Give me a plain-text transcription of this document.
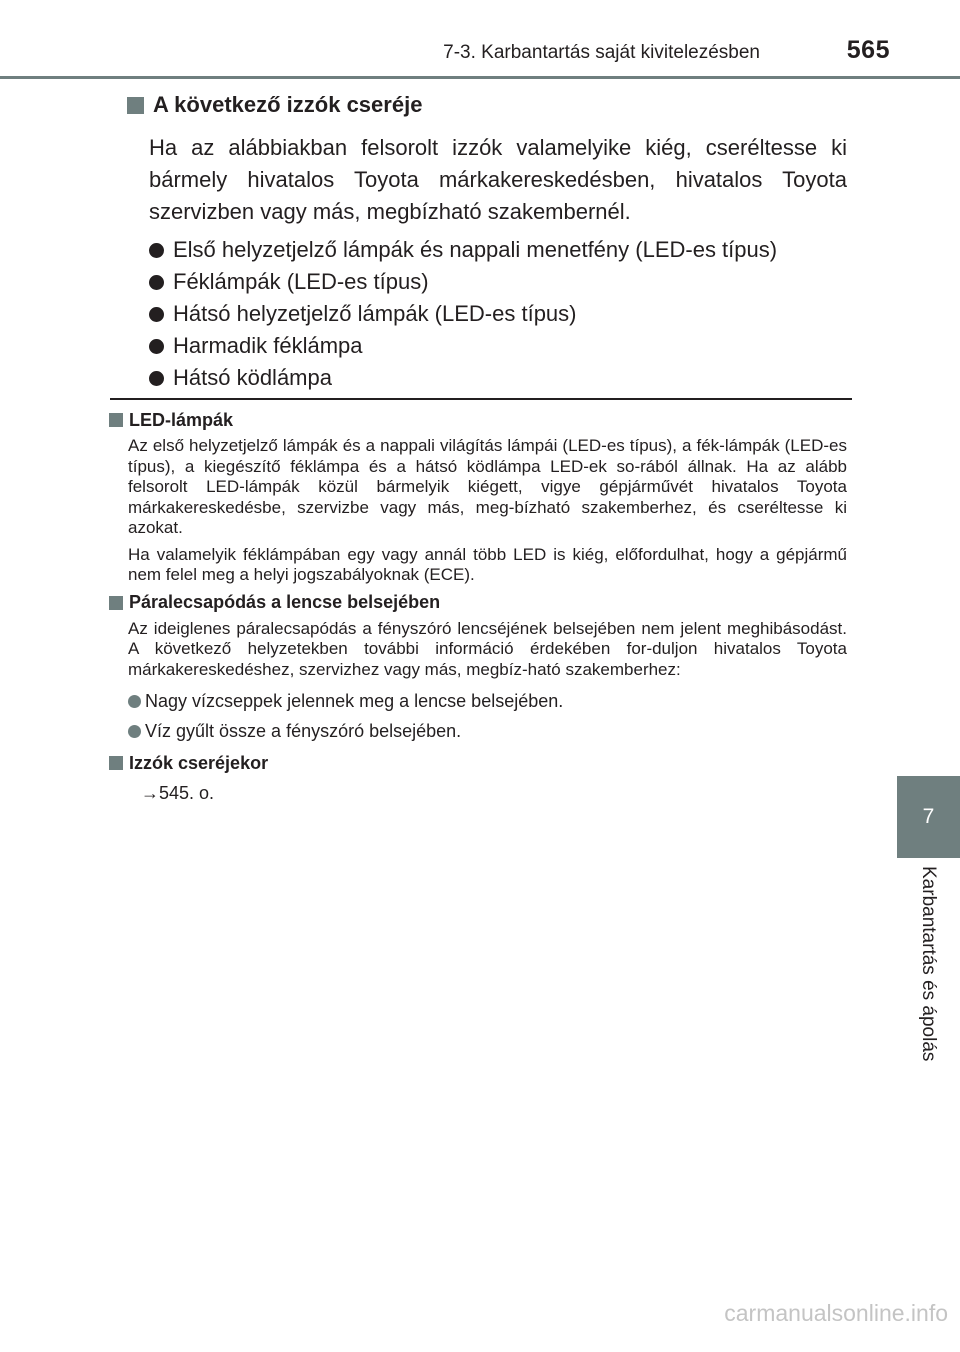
7-3. Karbantartás saját kivitelezésben	565
7
Karbantartás és ápolás
A következő izzók cseréje

Ha az alábbiakban felsorolt izzók valamelyike kiég, cseréltesse ki bármely hivatalos Toyota márkakereskedésben, hivatalos Toyota szervizben vagy más, megbízható szakembernél.

Első helyzetjelző lámpák és nappali menetfény (LED-es típus)
Féklámpák (LED-es típus)
Hátsó helyzetjelző lámpák (LED-es típus)
Harmadik féklámpa
Hátsó ködlámpa
LED-lámpák

Az első helyzetjelző lámpák és a nappali világítás lámpái (LED-es típus), a fék-lámpák (LED-es típus), a kiegészítő féklámpa és a hátsó ködlámpa LED-ek so-rából állnak. Ha az alább felsorolt LED-lámpák közül bármelyik kiégett, vigye gépjárművét hivatalos Toyota márkakereskedésbe, szervizbe vagy más, meg-bízható szakemberhez, és cseréltesse ki azokat.

Ha valamelyik féklámpában egy vagy annál több LED is kiég, előfordulhat, hogy a gépjármű nem felel meg a helyi jogszabályoknak (ECE).

Páralecsapódás a lencse belsejében

Az ideiglenes páralecsapódás a fényszóró lencséjének belsejében nem jelent meghibásodást. A következő helyzetekben további információ érdekében for-duljon hivatalos Toyota márkakereskedéshez, szervizhez vagy más, megbíz-ható szakemberhez:

Nagy vízcseppek jelennek meg a lencse belsejében.
Víz gyűlt össze a fényszóró belsejében.
Izzók cseréjekor
→545. o.
carmanualsonline.info
